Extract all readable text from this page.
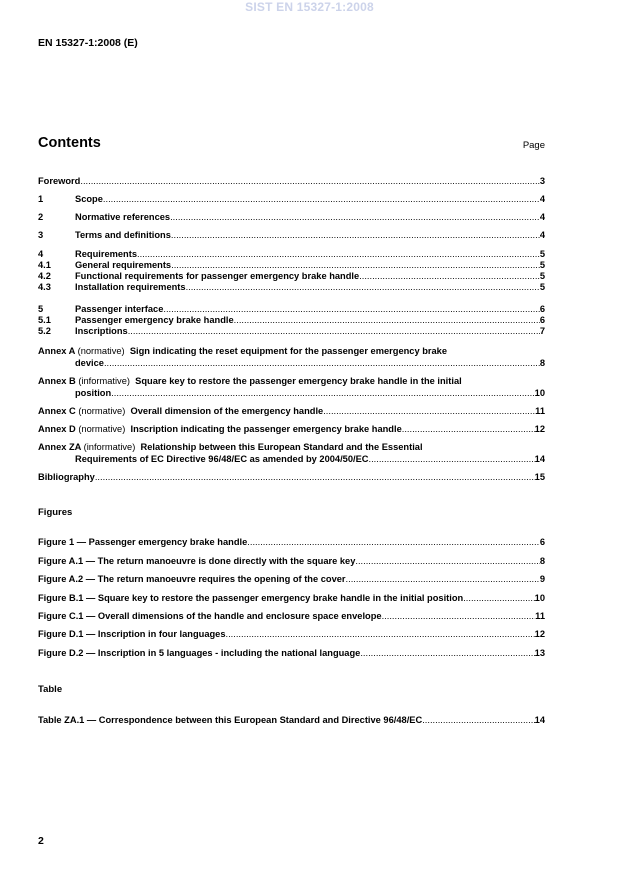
SIST EN 15327-1:2008
EN 15327-1:2008 (E)
Contents	Page
Foreword .....	3
1	Scope .....	4
2	Normative references .....	4
3	Terms and definitions .....	4
4	Requirements .....	5
4.1	General requirements .....	5
4.2	Functional requirements for passenger emergency brake handle .....	5
4.3	Installation requirements .....	5
5	Passenger interface .....	6
5.1	Passenger emergency brake handle .....	6
5.2	Inscriptions .....	7
Annex A (normative) Sign indicating the reset equipment for the passenger emergency brake
device .....	8
Annex B (informative) Square key to restore the passenger emergency brake handle in the initial
position .....	10
Annex C (normative) Overall dimension of the emergency handle .....	11
Annex D (normative) Inscription indicating the passenger emergency brake handle .....	12
Annex ZA (informative) Relationship between this European Standard and the Essential
Requirements of EC Directive 96/48/EC as amended by 2004/50/EC .....	14
Bibliography .....	15
Figures
Figure 1 — Passenger emergency brake handle .....	6
Figure A.1 — The return manoeuvre is done directly with the square key .....	8
Figure A.2 — The return manoeuvre requires the opening of the cover .....	9
Figure B.1 — Square key to restore the passenger emergency brake handle in the initial position .....	10
Figure C.1 — Overall dimensions of the handle and enclosure space envelope .....	11
Figure D.1 — Inscription in four languages .....	12
Figure D.2 — Inscription in 5 languages - including the national language .....	13
Table
Table ZA.1 — Correspondence between this European Standard and Directive 96/48/EC .....	14
2
